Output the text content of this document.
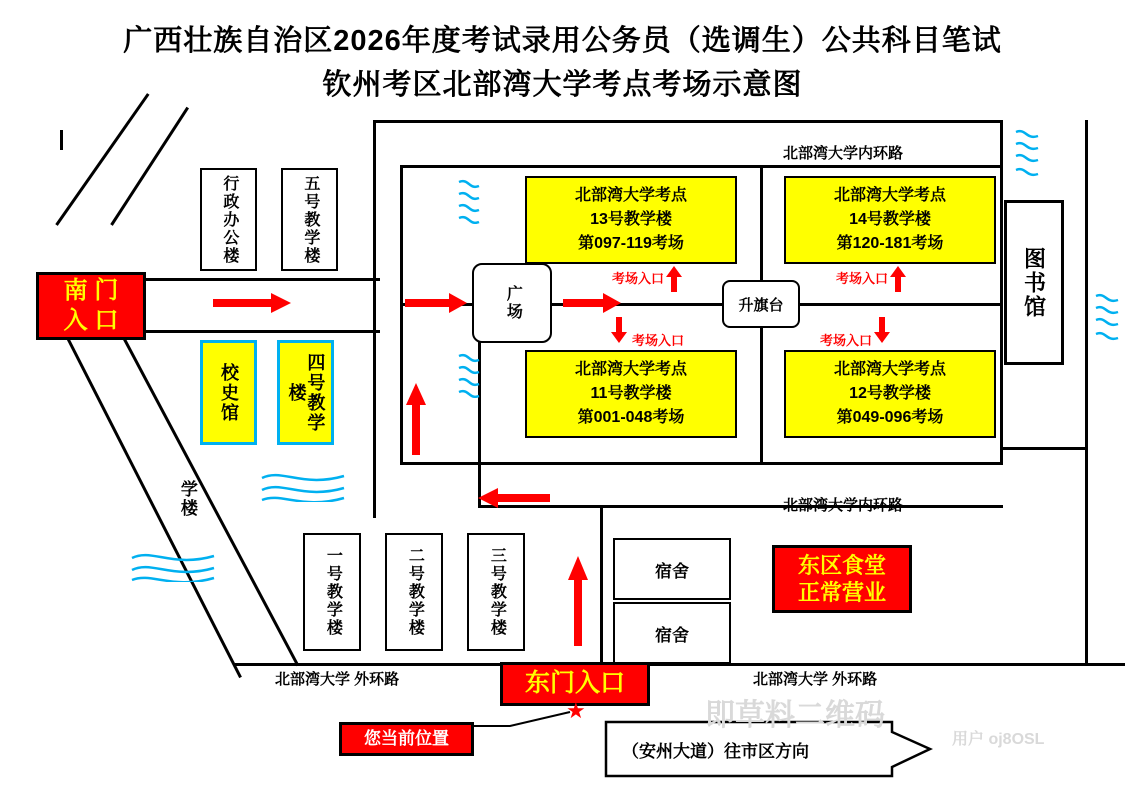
广西壮族自治区2026年度考试录用公务员（选调生）公共科目笔试
钦州考区北部湾大学考点考场示意图
北部湾大学内环路
北部湾大学内环路
北部湾大学 外环路	北部湾大学 外环路
（安州大道）往市区方向
行政办公楼	五号教学楼
校史馆	四号教学楼
学楼
一号教学楼	二号教学楼	三号教学楼	宿舍
宿舍
图书馆
广场	升旗台
北部湾大学考点
13号教学楼
第097-119考场
北部湾大学考点
14号教学楼
第120-181考场
北部湾大学考点
11号教学楼
第001-048考场
北部湾大学考点
12号教学楼
第049-096考场
考场入口	考场入口
考场入口	考场入口
南 门
入 口
东门入口
★
您当前位置
东区食堂
正常营业
即草料二维码
用户 oj8OSL
